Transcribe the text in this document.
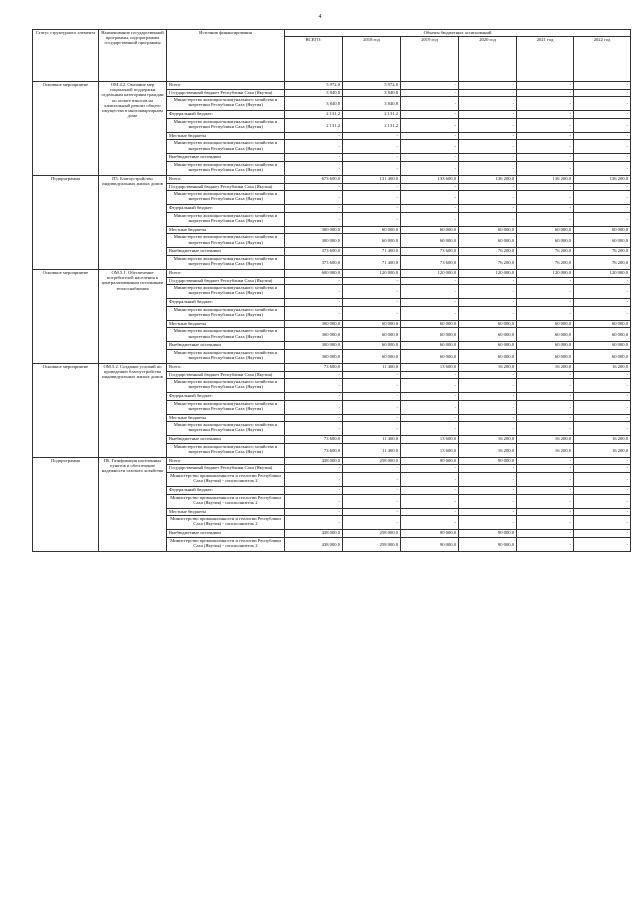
4
Статус структурного элемента	Наименование государственной программы, подпрограммы государственной программы	Источник финансирования	Объемы бюджетных ассигнований					
			ВСЕГО:	2018 год	2019 год	2020 год	2021 год	2022 год
Основное мероприятие	ОМ.4.2. Оказание мер социальной поддержки отдельным категориям граждан по оплате взносов на капитальный ремонт общего имущества в многоквартирном доме	Всего:	5 972,0	5 972,0	-	-	-	-
		Государственный бюджет Республики Саха (Якутия)	3 840,8	3 840,8	-	-	-	-
		Министерство жилищно-коммунального хозяйства и энергетики Республики Саха (Якутия)	3 840,8	3 840,8	-	-	-	-
		Федеральный бюджет:	2 131,2	2 131,2	-	-	-	-
		Министерство жилищно-коммунального хозяйства и энергетики Республики Саха (Якутия)	2 131,2	2 131,2	-	-	-	-
		Местные бюджеты	-	-	-	-	-	-
		Министерство жилищно-коммунального хозяйства и энергетики Республики Саха (Якутия)	-	-	-	-	-	-
		Внебюджетные источники	-	-	-	-	-	-
		Министерство жилищно-коммунального хозяйства и энергетики Республики Саха (Якутия)	-	-	-	-	-	-
Подпрограмма	П5. Благоустройство индивидуальных жилых домов	Всего:	673 600,0	131 400,0	133 600,0	136 200,0	136 200,0	136 200,0
		Государственный бюджет Республики Саха (Якутия)	-	-	-	-	-	-
		Министерство жилищно-коммунального хозяйства и энергетики Республики Саха (Якутия)	-	-	-	-	-	-
		Федеральный бюджет:	-	-	-	-	-	-
		Министерство жилищно-коммунального хозяйства и энергетики Республики Саха (Якутия)	-	-	-	-	-	-
		Местные бюджеты	300 000,0	60 000,0	60 000,0	60 000,0	60 000,0	60 000,0
		Министерство жилищно-коммунального хозяйства и энергетики Республики Саха (Якутия)	300 000,0	60 000,0	60 000,0	60 000,0	60 000,0	60 000,0
		Внебюджетные источники	373 600,0	71 400,0	73 600,0	76 200,0	76 200,0	76 200,0
		Министерство жилищно-коммунального хозяйства и энергетики Республики Саха (Якутия)	373 600,0	71 400,0	73 600,0	76 200,0	76 200,0	76 200,0
Основное мероприятие	ОМ.5.1. Обеспечение потребителей населения к централизованным источникам теплоснабжения	Всего:	600 000,0	120 000,0	120 000,0	120 000,0	120 000,0	120 000,0
		Государственный бюджет Республики Саха (Якутия)	-	-	-	-	-	-
		Министерство жилищно-коммунального хозяйства и энергетики Республики Саха (Якутия)	-	-	-	-	-	-
		Федеральный бюджет:	-	-	-	-	-	-
		Министерство жилищно-коммунального хозяйства и энергетики Республики Саха (Якутия)	-	-	-	-	-	-
		Местные бюджеты	300 000,0	60 000,0	60 000,0	60 000,0	60 000,0	60 000,0
		Министерство жилищно-коммунального хозяйства и энергетики Республики Саха (Якутия)	300 000,0	60 000,0	60 000,0	60 000,0	60 000,0	60 000,0
		Внебюджетные источники	300 000,0	60 000,0	60 000,0	60 000,0	60 000,0	60 000,0
		Министерство жилищно-коммунального хозяйства и энергетики Республики Саха (Якутия)	300 000,0	60 000,0	60 000,0	60 000,0	60 000,0	60 000,0
Основное мероприятие	ОМ.5.2. Создание условий по проведению благоустройства индивидуальных жилых домов	Всего:	73 600,0	11 400,0	13 600,0	16 200,0	16 200,0	16 200,0
		Государственный бюджет Республики Саха (Якутия)	-	-	-	-	-	-
		Министерство жилищно-коммунального хозяйства и энергетики Республики Саха (Якутия)	-	-	-	-	-	-
		Федеральный бюджет:	-	-	-	-	-	-
		Министерство жилищно-коммунального хозяйства и энергетики Республики Саха (Якутия)	-	-	-	-	-	-
		Местные бюджеты	-	-	-	-	-	-
		Министерство жилищно-коммунального хозяйства и энергетики Республики Саха (Якутия)	-	-	-	-	-	-
		Внебюджетные источники	73 600,0	11 400,0	13 600,0	16 200,0	16 200,0	16 200,0
		Министерство жилищно-коммунального хозяйства и энергетики Республики Саха (Якутия)	73 600,0	11 400,0	13 600,0	16 200,0	16 200,0	16 200,0
Подпрограмма	П6. Газификация населенных пунктов и обеспечение надежности газового хозяйства	Всего:	438 000,0	258 000,0	90 000,0	90 000,0	-	-
		Государственный бюджет Республики Саха (Якутия)	-	-	-	-	-	-
		Министерство промышленности и геологии Республики Саха (Якутия) - соисполнитель 2	-	-	-	-	-	-
		Федеральный бюджет:	-	-	-	-	-	-
		Министерство промышленности и геологии Республики Саха (Якутия) - соисполнитель 2	-	-	-	-	-	-
		Местные бюджеты	-	-	-	-	-	-
		Министерство промышленности и геологии Республики Саха (Якутия) - соисполнитель 2	-	-	-	-	-	-
		Внебюджетные источники	438 000,0	258 000,0	90 000,0	90 000,0	-	-
		Министерство промышленности и геологии Республики Саха (Якутия) - соисполнитель 2	438 000,0	258 000,0	90 000,0	90 000,0	-	-
